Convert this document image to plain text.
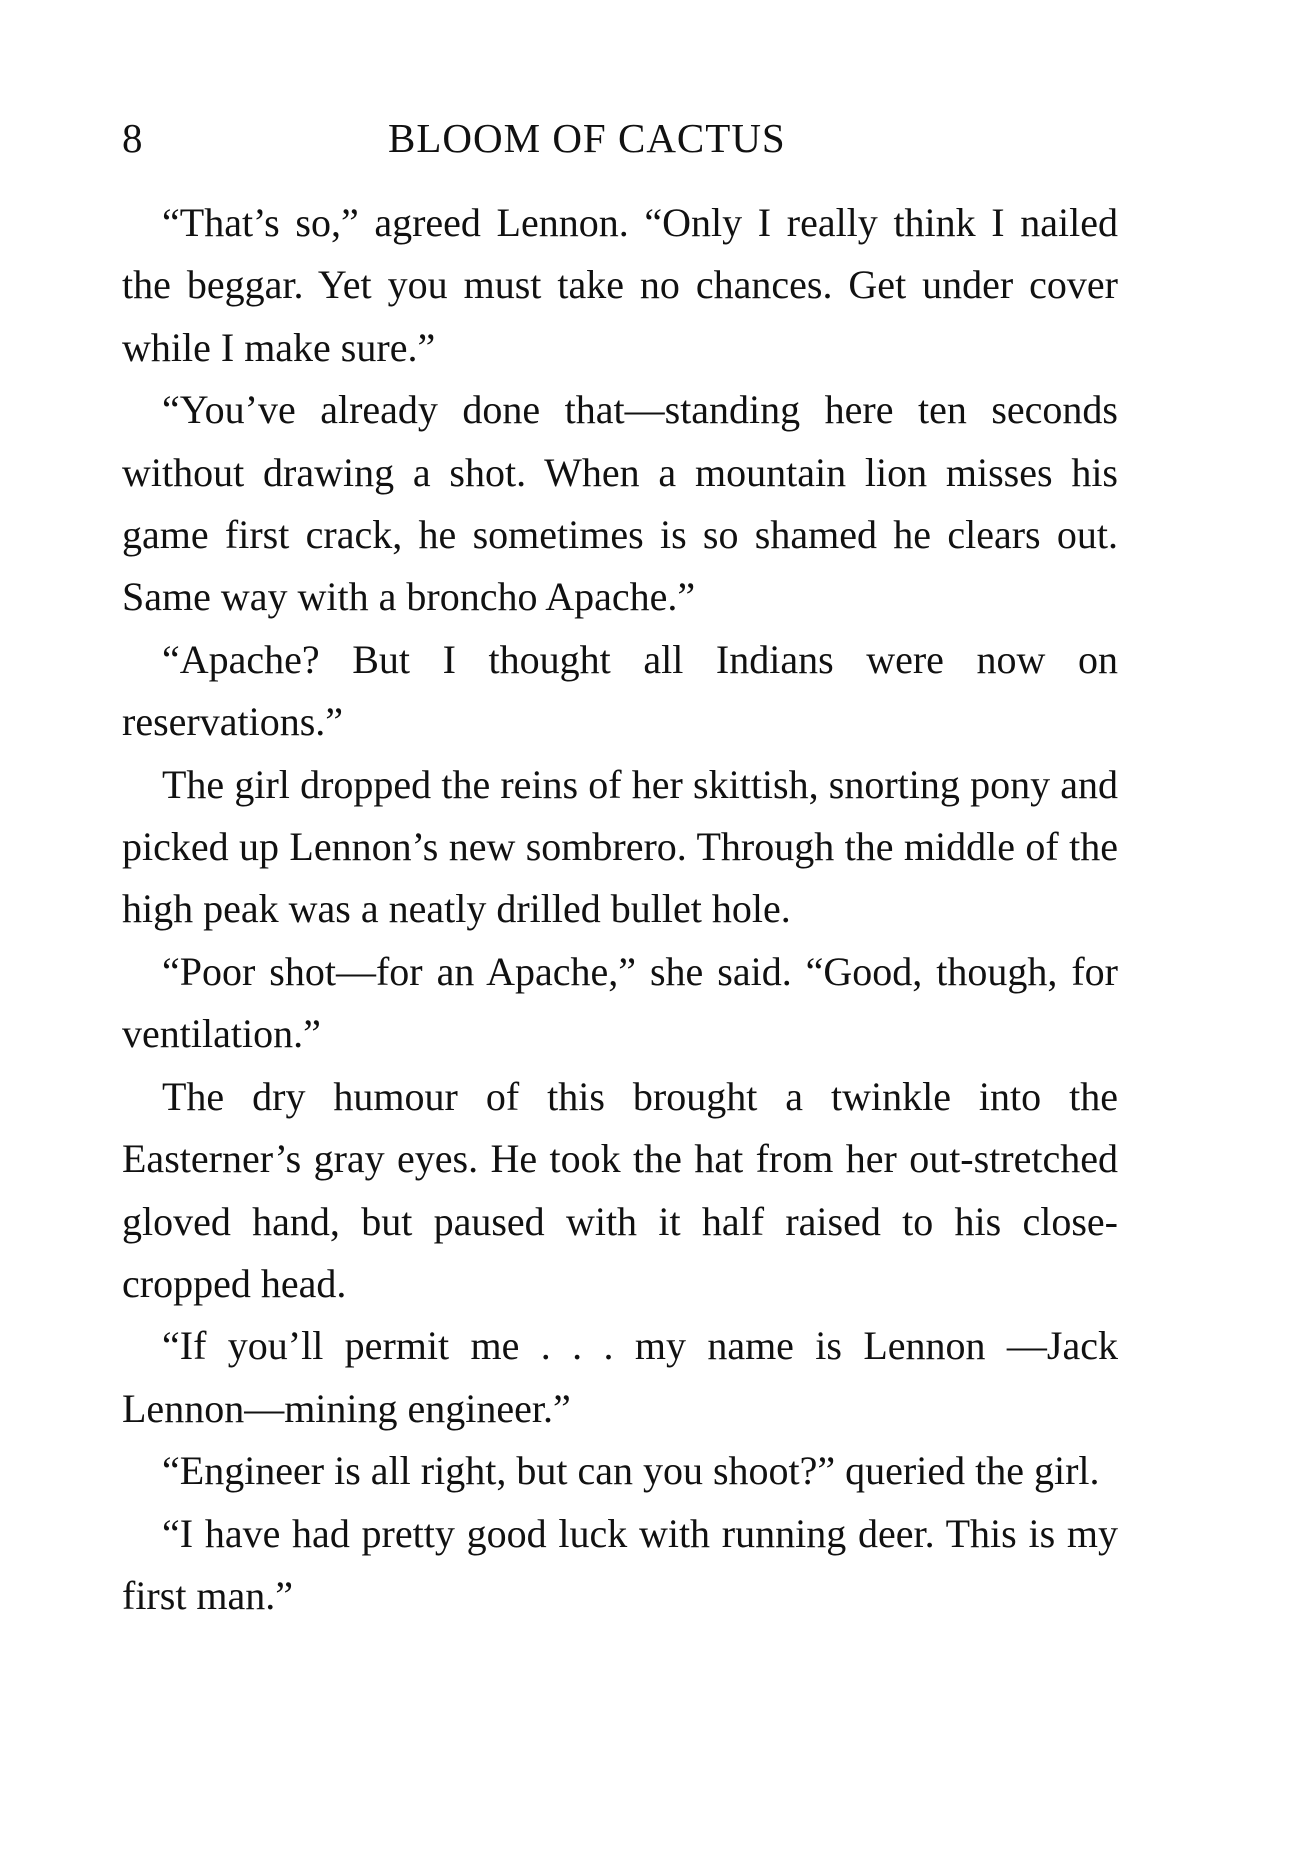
8	BLOOM OF CACTUS

“That’s so,” agreed Lennon. “Only I really think I nailed the beggar. Yet you must take no chances. Get under cover while I make sure.”

“You’ve already done that—standing here ten seconds without drawing a shot. When a mountain lion misses his game first crack, he sometimes is so shamed he clears out. Same way with a broncho Apache.”

“Apache? But I thought all Indians were now on reservations.”

The girl dropped the reins of her skittish, snorting pony and picked up Lennon’s new sombrero. Through the middle of the high peak was a neatly drilled bullet hole.

“Poor shot—for an Apache,” she said. “Good, though, for ventilation.”

The dry humour of this brought a twinkle into the Easterner’s gray eyes. He took the hat from her out-stretched gloved hand, but paused with it half raised to his close-cropped head.

“If you’ll permit me . . . my name is Lennon —Jack Lennon—mining engineer.”

“Engineer is all right, but can you shoot?” queried the girl.

“I have had pretty good luck with running deer. This is my first man.”
